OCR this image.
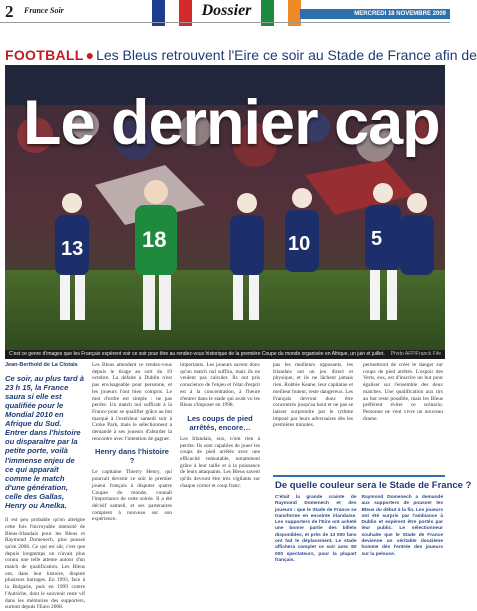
2 France Soir	Dossier	MERCREDI 18 NOVEMBRE 2009
FOOTBALL ● Les Bleus retrouvent l'Eire ce soir au Stade de France afin de
13	18	10	5
Le dernier cap
C'est ce genre d'images que les Français espèrent voir ce soir pour être au rendez-vous historique de la première Coupe du monde organisée en Afrique, un juin et juillet. Photo AFP/Franck Fife
Jean-Berthold de La Clotais
Ce soir, au plus tard à 23 h 15, la France saura si elle est qualifiée pour le Mondial 2010 en Afrique du Sud. Entrer dans l'histoire ou disparaître par la petite porte, voilà l'immense enjeu de ce qui apparaît comme le match d'une génération, celle des Gallas, Henry ou Anelka.

Il est peu probable qu'on atteigne cette fois l'incroyable intensité de Bleus-Irlandais pour les Bleus et Raymond Domenech, plus poussé qu'en 2006. Ce qui est sûr, c'est que depuis longtemps on n'avait plus connu une telle attente autour d'un match de qualification. Les Bleus ont, dans leur histoire, disputé plusieurs barrages. En 1993, face à la Bulgarie, puis en 1999 contre l'Autriche, dont le souvenir reste vif dans les mémoires des supporters, surtout depuis l'Euro 2008.

Les Bleus attendent ce rendez-vous depuis le tirage au sort du 19 octobre. La défaite à Dublin n'est pas envisageable pour personne, et les joueurs l'ont bien compris. Le mot d'ordre est simple : ne pas perdre. Un match nul suffirait à la France pour se qualifier grâce au but marqué à l'extérieur samedi soir à Croke Park, mais le sélectionneur a demandé à ses joueurs d'aborder la rencontre avec l'intention de gagner.

Henry dans l'histoire ?

Le capitaine Thierry Henry, qui pourrait devenir ce soir le premier joueur français à disputer quatre Coupes du monde, connaît l'importance de cette soirée. Il a été décisif samedi, et ses partenaires comptent à nouveau sur son expérience.

importants. Les joueurs savent donc qu'un match nul suffira, mais ils ne veulent pas calculer. Ils ont pris conscience de l'enjeu et l'état d'esprit est à la concentration, à l'heure d'entrer dans le stade qui avait vu les Bleus s'imposer en 1998.

Les coups de pied arrêtés, encore…

Les Irlandais, eux, n'ont rien à perdre. Ils sont capables de jouer les coups de pied arrêtés avec une efficacité redoutable, notamment grâce à leur taille et à la puissance de leurs attaquants. Les Bleus savent qu'ils devront être très vigilants sur chaque corner et coup franc.

pas les meilleurs opposants, les Irlandais ont un jeu direct et physique, et ils ne lâchent jamais rien. Robbie Keane, leur capitaine et meilleur buteur, reste dangereux. Les Français devront donc être concentrés jusqu'au bout et ne pas se laisser surprendre par le rythme imposé par leurs adversaires dès les premières minutes.

permettront de créer le danger sur coups de pied arrêtés. L'espoir des Verts, eux, est d'inscrire un but pour égaliser sur l'ensemble des deux matches. Une qualification aux tirs au but reste possible, mais les Bleus préfèrent éviter ce scénario. Personne ne veut vivre un nouveau drame.

De quelle couleur sera le Stade de France ?
C'était la grande crainte de Raymond Domenech et des joueurs : que le Stade de France se transforme en enceinte irlandaise. Les supporters de l'Eire ont acheté une bonne partie des billets disponibles, et près de 13 000 fans ont fait le déplacement. Le stade affichera complet ce soir avec 80 000 spectateurs, pour la plupart français.
Raymond Domenech a demandé aux supporters de pousser les Bleus du début à la fin. Les joueurs ont été surpris par l'ambiance à Dublin et espèrent être portés par leur public. Le sélectionneur souhaite que le Stade de France devienne un véritable douzième homme dès l'entrée des joueurs sur la pelouse.
